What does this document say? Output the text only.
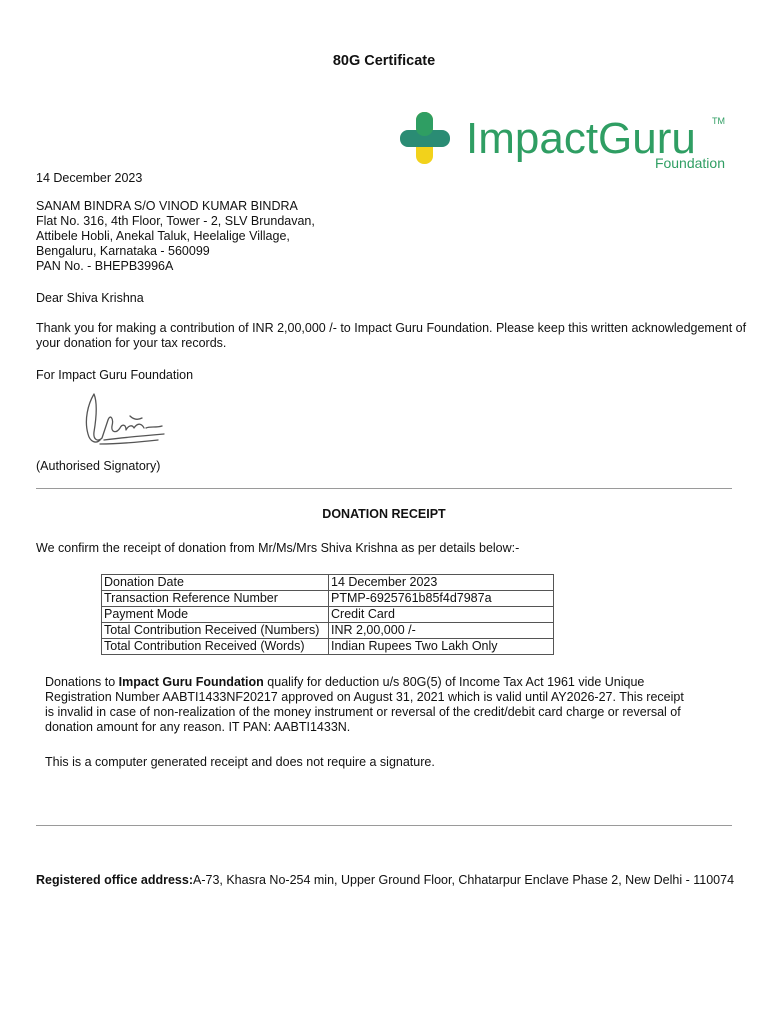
80G Certificate
ImpactGuru TM
Foundation
14 December 2023
SANAM BINDRA S/O VINOD KUMAR BINDRA
Flat No. 316, 4th Floor, Tower - 2, SLV Brundavan,
Attibele Hobli, Anekal Taluk, Heelalige Village,
Bengaluru, Karnataka - 560099
PAN No. - BHEPB3996A
Dear Shiva Krishna
Thank you for making a contribution of INR 2,00,000 /- to Impact Guru Foundation. Please keep this written acknowledgement of your donation for your tax records.
For Impact Guru Foundation
(Authorised Signatory)
DONATION RECEIPT
We confirm the receipt of donation from Mr/Ms/Mrs Shiva Krishna as per details below:-
Donation Date	14 December 2023
Transaction Reference Number	PTMP-6925761b85f4d7987a
Payment Mode	Credit Card
Total Contribution Received (Numbers)	INR 2,00,000 /-
Total Contribution Received (Words)	Indian Rupees Two Lakh Only
Donations to Impact Guru Foundation qualify for deduction u/s 80G(5) of Income Tax Act 1961 vide Unique Registration Number AABTI1433NF20217 approved on August 31, 2021 which is valid until AY2026-27. This receipt is invalid in case of non-realization of the money instrument or reversal of the credit/debit card charge or reversal of donation amount for any reason. IT PAN: AABTI1433N.
This is a computer generated receipt and does not require a signature.
Registered office address:A-73, Khasra No-254 min, Upper Ground Floor, Chhatarpur Enclave Phase 2, New Delhi - 110074
